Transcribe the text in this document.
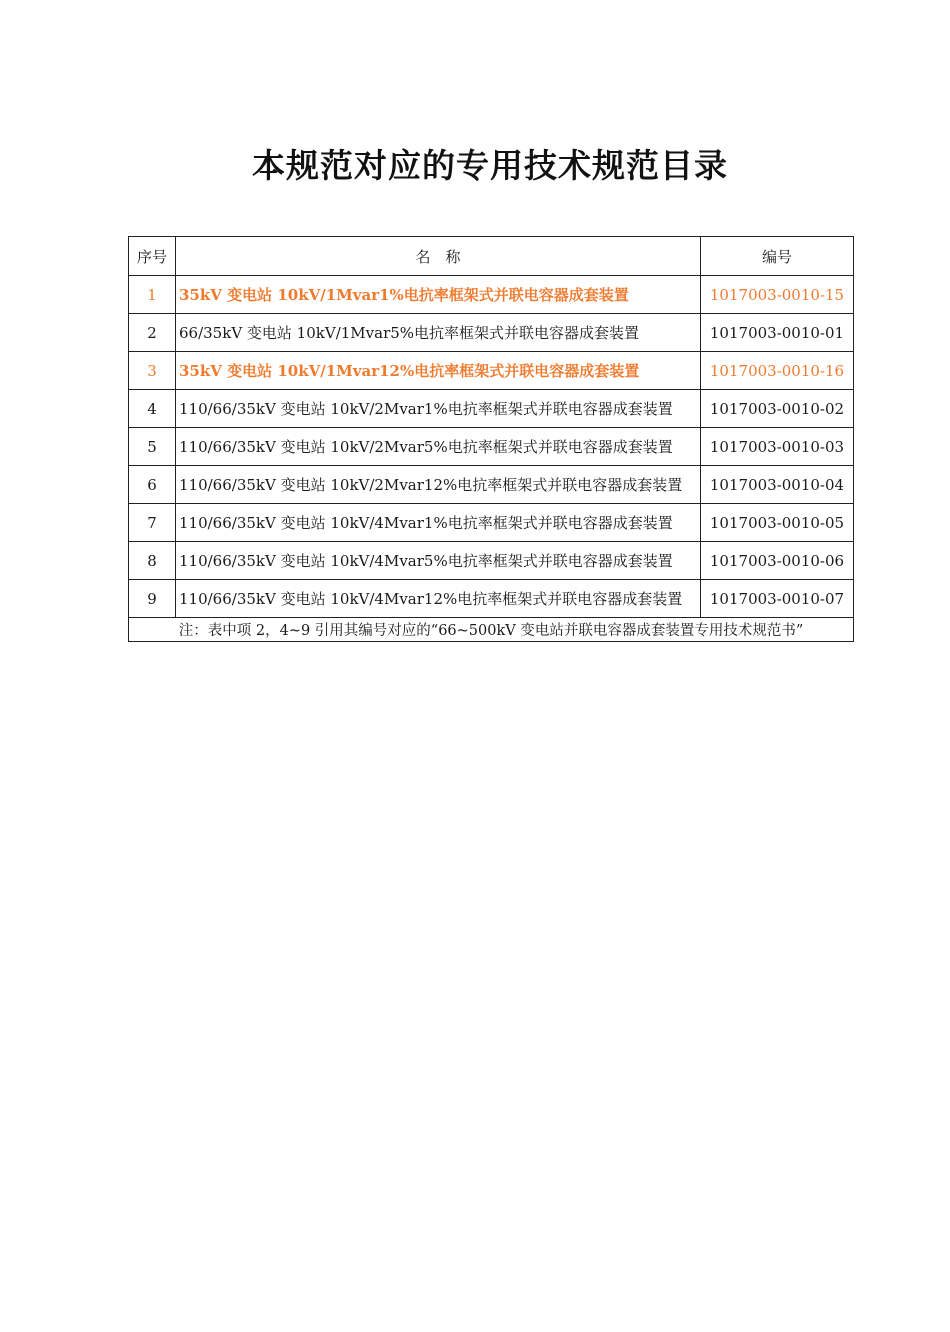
本规范对应的专用技术规范目录
序号	名　称	编号
1	35kV 变电站 10kV/1Mvar1%电抗率框架式并联电容器成套装置	1017003-0010-15
2	66/35kV 变电站 10kV/1Mvar5%电抗率框架式并联电容器成套装置	1017003-0010-01
3	35kV 变电站 10kV/1Mvar12%电抗率框架式并联电容器成套装置	1017003-0010-16
4	110/66/35kV 变电站 10kV/2Mvar1%电抗率框架式并联电容器成套装置	1017003-0010-02
5	110/66/35kV 变电站 10kV/2Mvar5%电抗率框架式并联电容器成套装置	1017003-0010-03
6	110/66/35kV 变电站 10kV/2Mvar12%电抗率框架式并联电容器成套装置	1017003-0010-04
7	110/66/35kV 变电站 10kV/4Mvar1%电抗率框架式并联电容器成套装置	1017003-0010-05
8	110/66/35kV 变电站 10kV/4Mvar5%电抗率框架式并联电容器成套装置	1017003-0010-06
9	110/66/35kV 变电站 10kV/4Mvar12%电抗率框架式并联电容器成套装置	1017003-0010-07
注：表中项 2，4~9 引用其编号对应的“66~500kV 变电站并联电容器成套装置专用技术规范书”		
